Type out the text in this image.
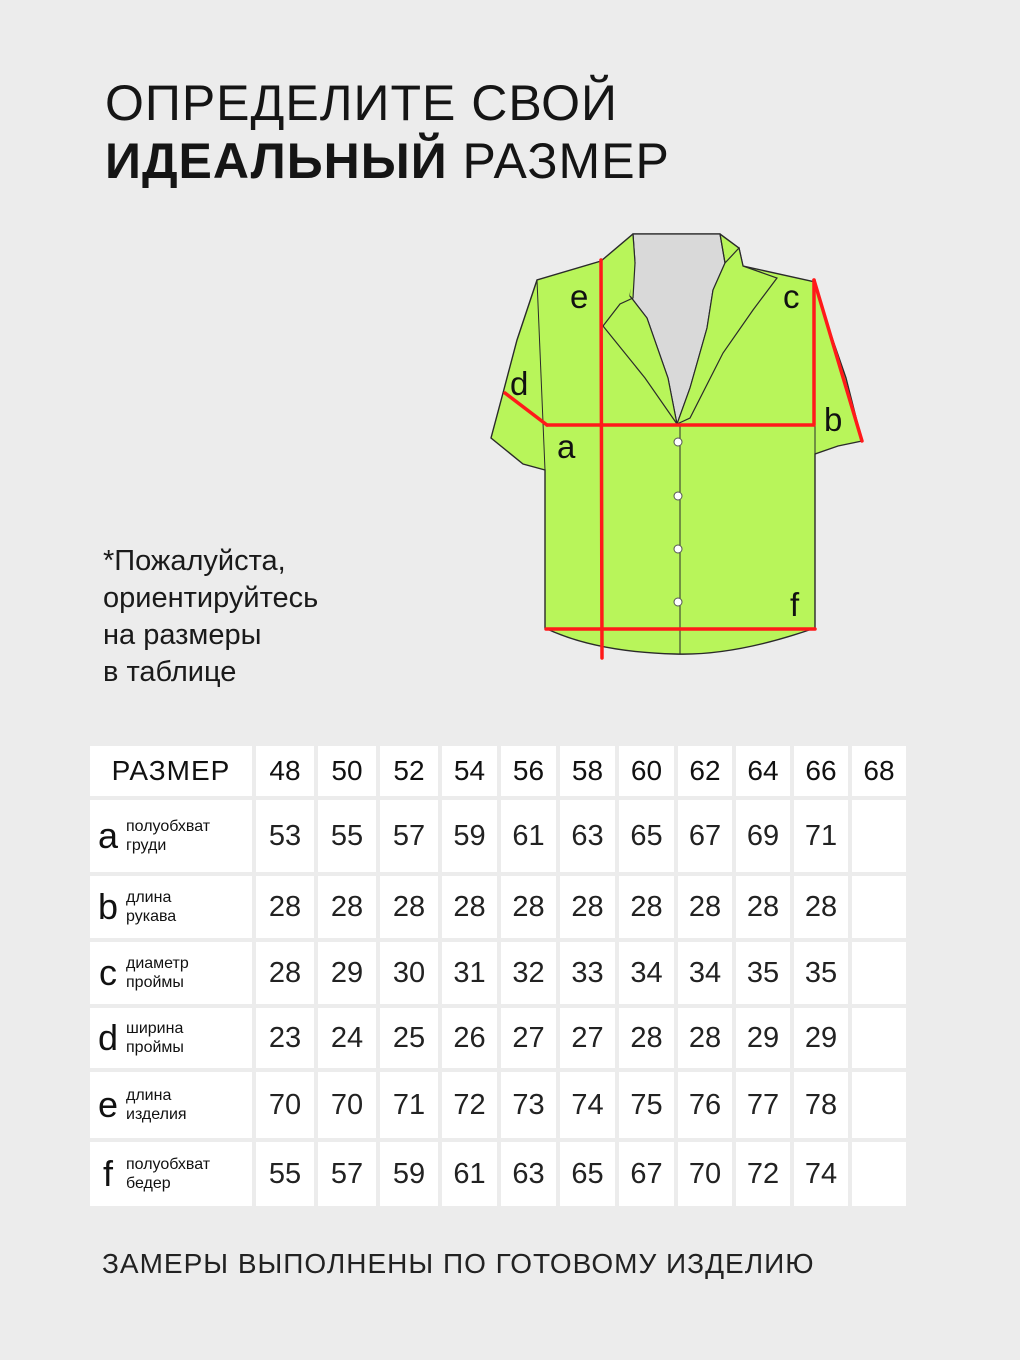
ОПРЕДЕЛИТЕ СВОЙ
ИДЕАЛЬНЫЙ РАЗМЕР
e	c
d
b
a
f
*Пожалуйста,
ориентируйтесь
на размеры
в таблице
РАЗМЕР	48	50	52	54	56	58	60	62	64	66	68

a полуобхват
груди	53	55	57	59	61	63	65	67	69	71	

b длина
рукава	28	28	28	28	28	28	28	28	28	28	

c диаметр
проймы	28	29	30	31	32	33	34	34	35	35	

d ширина
проймы	23	24	25	26	27	27	28	28	29	29	

e длина
изделия	70	70	71	72	73	74	75	76	77	78	

f полуобхват
бедер	55	57	59	61	63	65	67	70	72	74	
ЗАМЕРЫ ВЫПОЛНЕНЫ ПО ГОТОВОМУ ИЗДЕЛИЮ
